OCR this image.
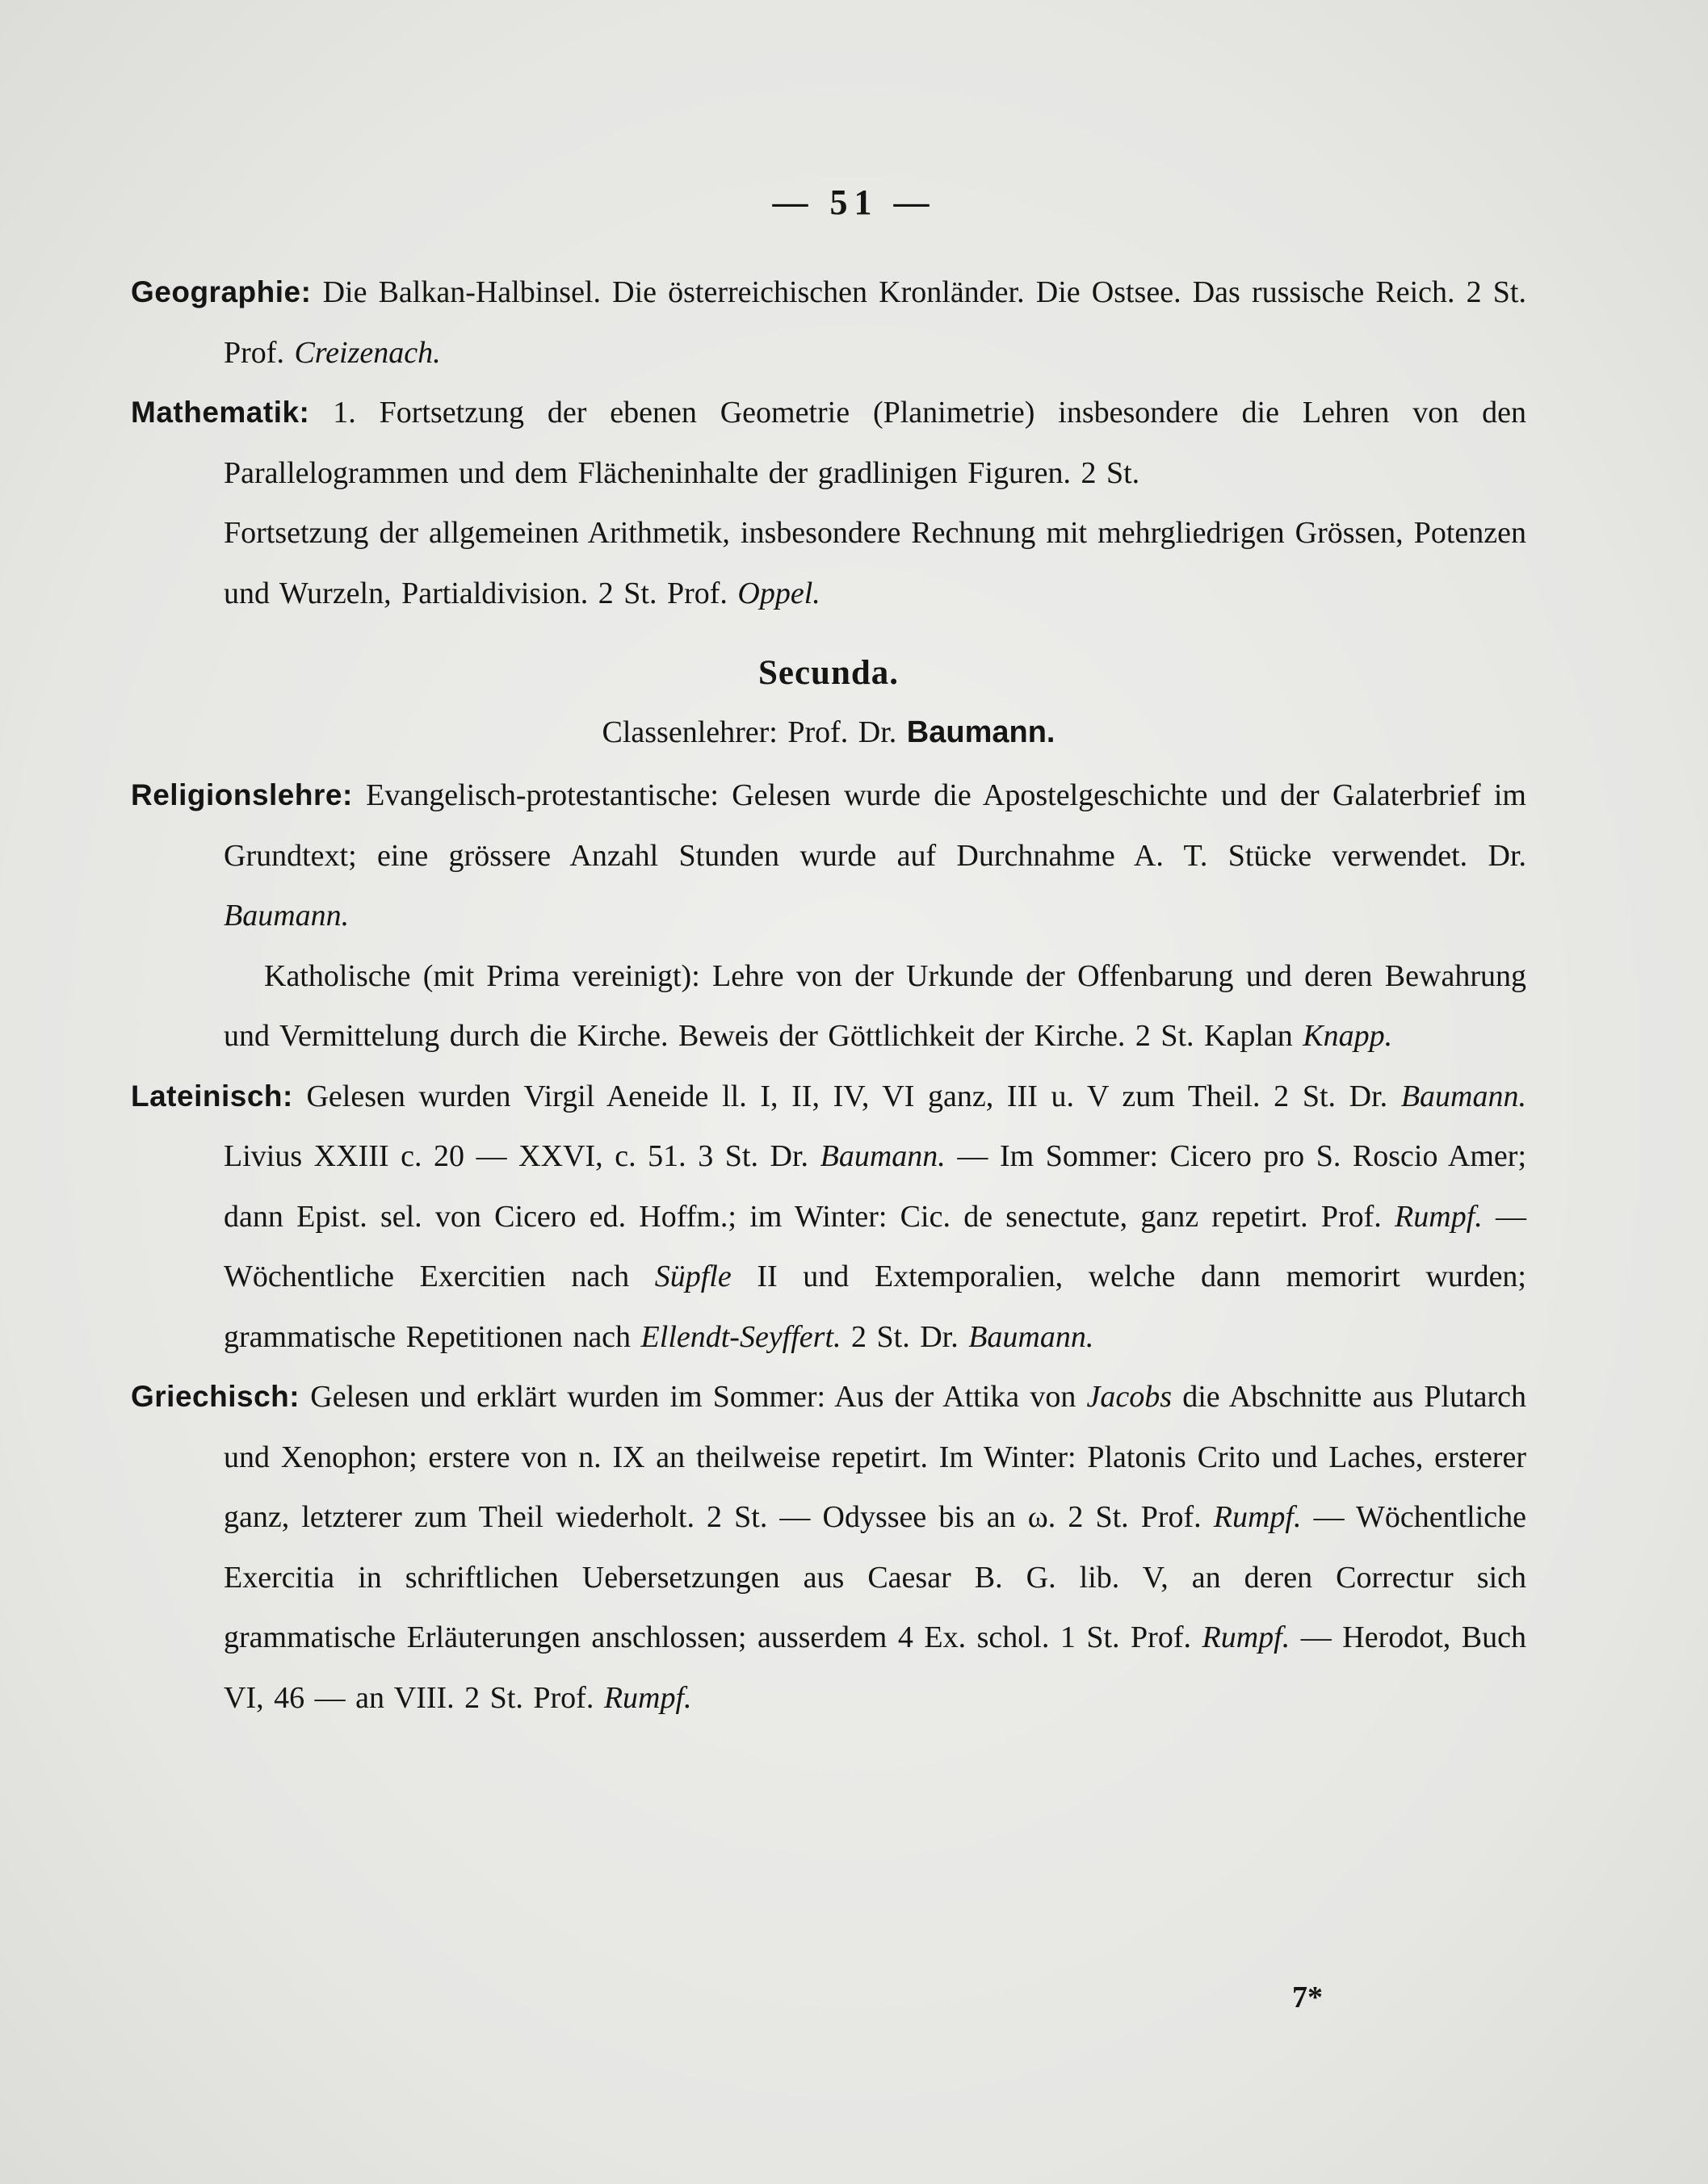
— 51 —

Geographie: Die Balkan-Halbinsel. Die österreichischen Kronländer. Die Ostsee. Das russische Reich. 2 St. Prof. Creizenach.

Mathematik: 1. Fortsetzung der ebenen Geometrie (Planimetrie) insbesondere die Lehren von den Parallelogrammen und dem Flächeninhalte der gradlinigen Figuren. 2 St.

Fortsetzung der allgemeinen Arithmetik, insbesondere Rechnung mit mehrgliedrigen Grössen, Potenzen und Wurzeln, Partialdivision. 2 St. Prof. Oppel.

Secunda.

Classenlehrer: Prof. Dr. Baumann.

Religionslehre: Evangelisch-protestantische: Gelesen wurde die Apostelgeschichte und der Galaterbrief im Grundtext; eine grössere Anzahl Stunden wurde auf Durchnahme A. T. Stücke verwendet. Dr. Baumann.

Katholische (mit Prima vereinigt): Lehre von der Urkunde der Offenbarung und deren Bewahrung und Vermittelung durch die Kirche. Beweis der Göttlichkeit der Kirche. 2 St. Kaplan Knapp.

Lateinisch: Gelesen wurden Virgil Aeneide ll. I, II, IV, VI ganz, III u. V zum Theil. 2 St. Dr. Baumann. Livius XXIII c. 20 — XXVI, c. 51. 3 St. Dr. Baumann. — Im Sommer: Cicero pro S. Roscio Amer; dann Epist. sel. von Cicero ed. Hoffm.; im Winter: Cic. de senectute, ganz repetirt. Prof. Rumpf. — Wöchentliche Exercitien nach Süpfle II und Extemporalien, welche dann memorirt wurden; grammatische Repetitionen nach Ellendt-Seyffert. 2 St. Dr. Baumann.

Griechisch: Gelesen und erklärt wurden im Sommer: Aus der Attika von Jacobs die Abschnitte aus Plutarch und Xenophon; erstere von n. IX an theilweise repetirt. Im Winter: Platonis Crito und Laches, ersterer ganz, letzterer zum Theil wiederholt. 2 St. — Odyssee bis an ω. 2 St. Prof. Rumpf. — Wöchentliche Exercitia in schriftlichen Uebersetzungen aus Caesar B. G. lib. V, an deren Correctur sich grammatische Erläuterungen anschlossen; ausserdem 4 Ex. schol. 1 St. Prof. Rumpf. — Herodot, Buch VI, 46 — an VIII. 2 St. Prof. Rumpf.

7*
